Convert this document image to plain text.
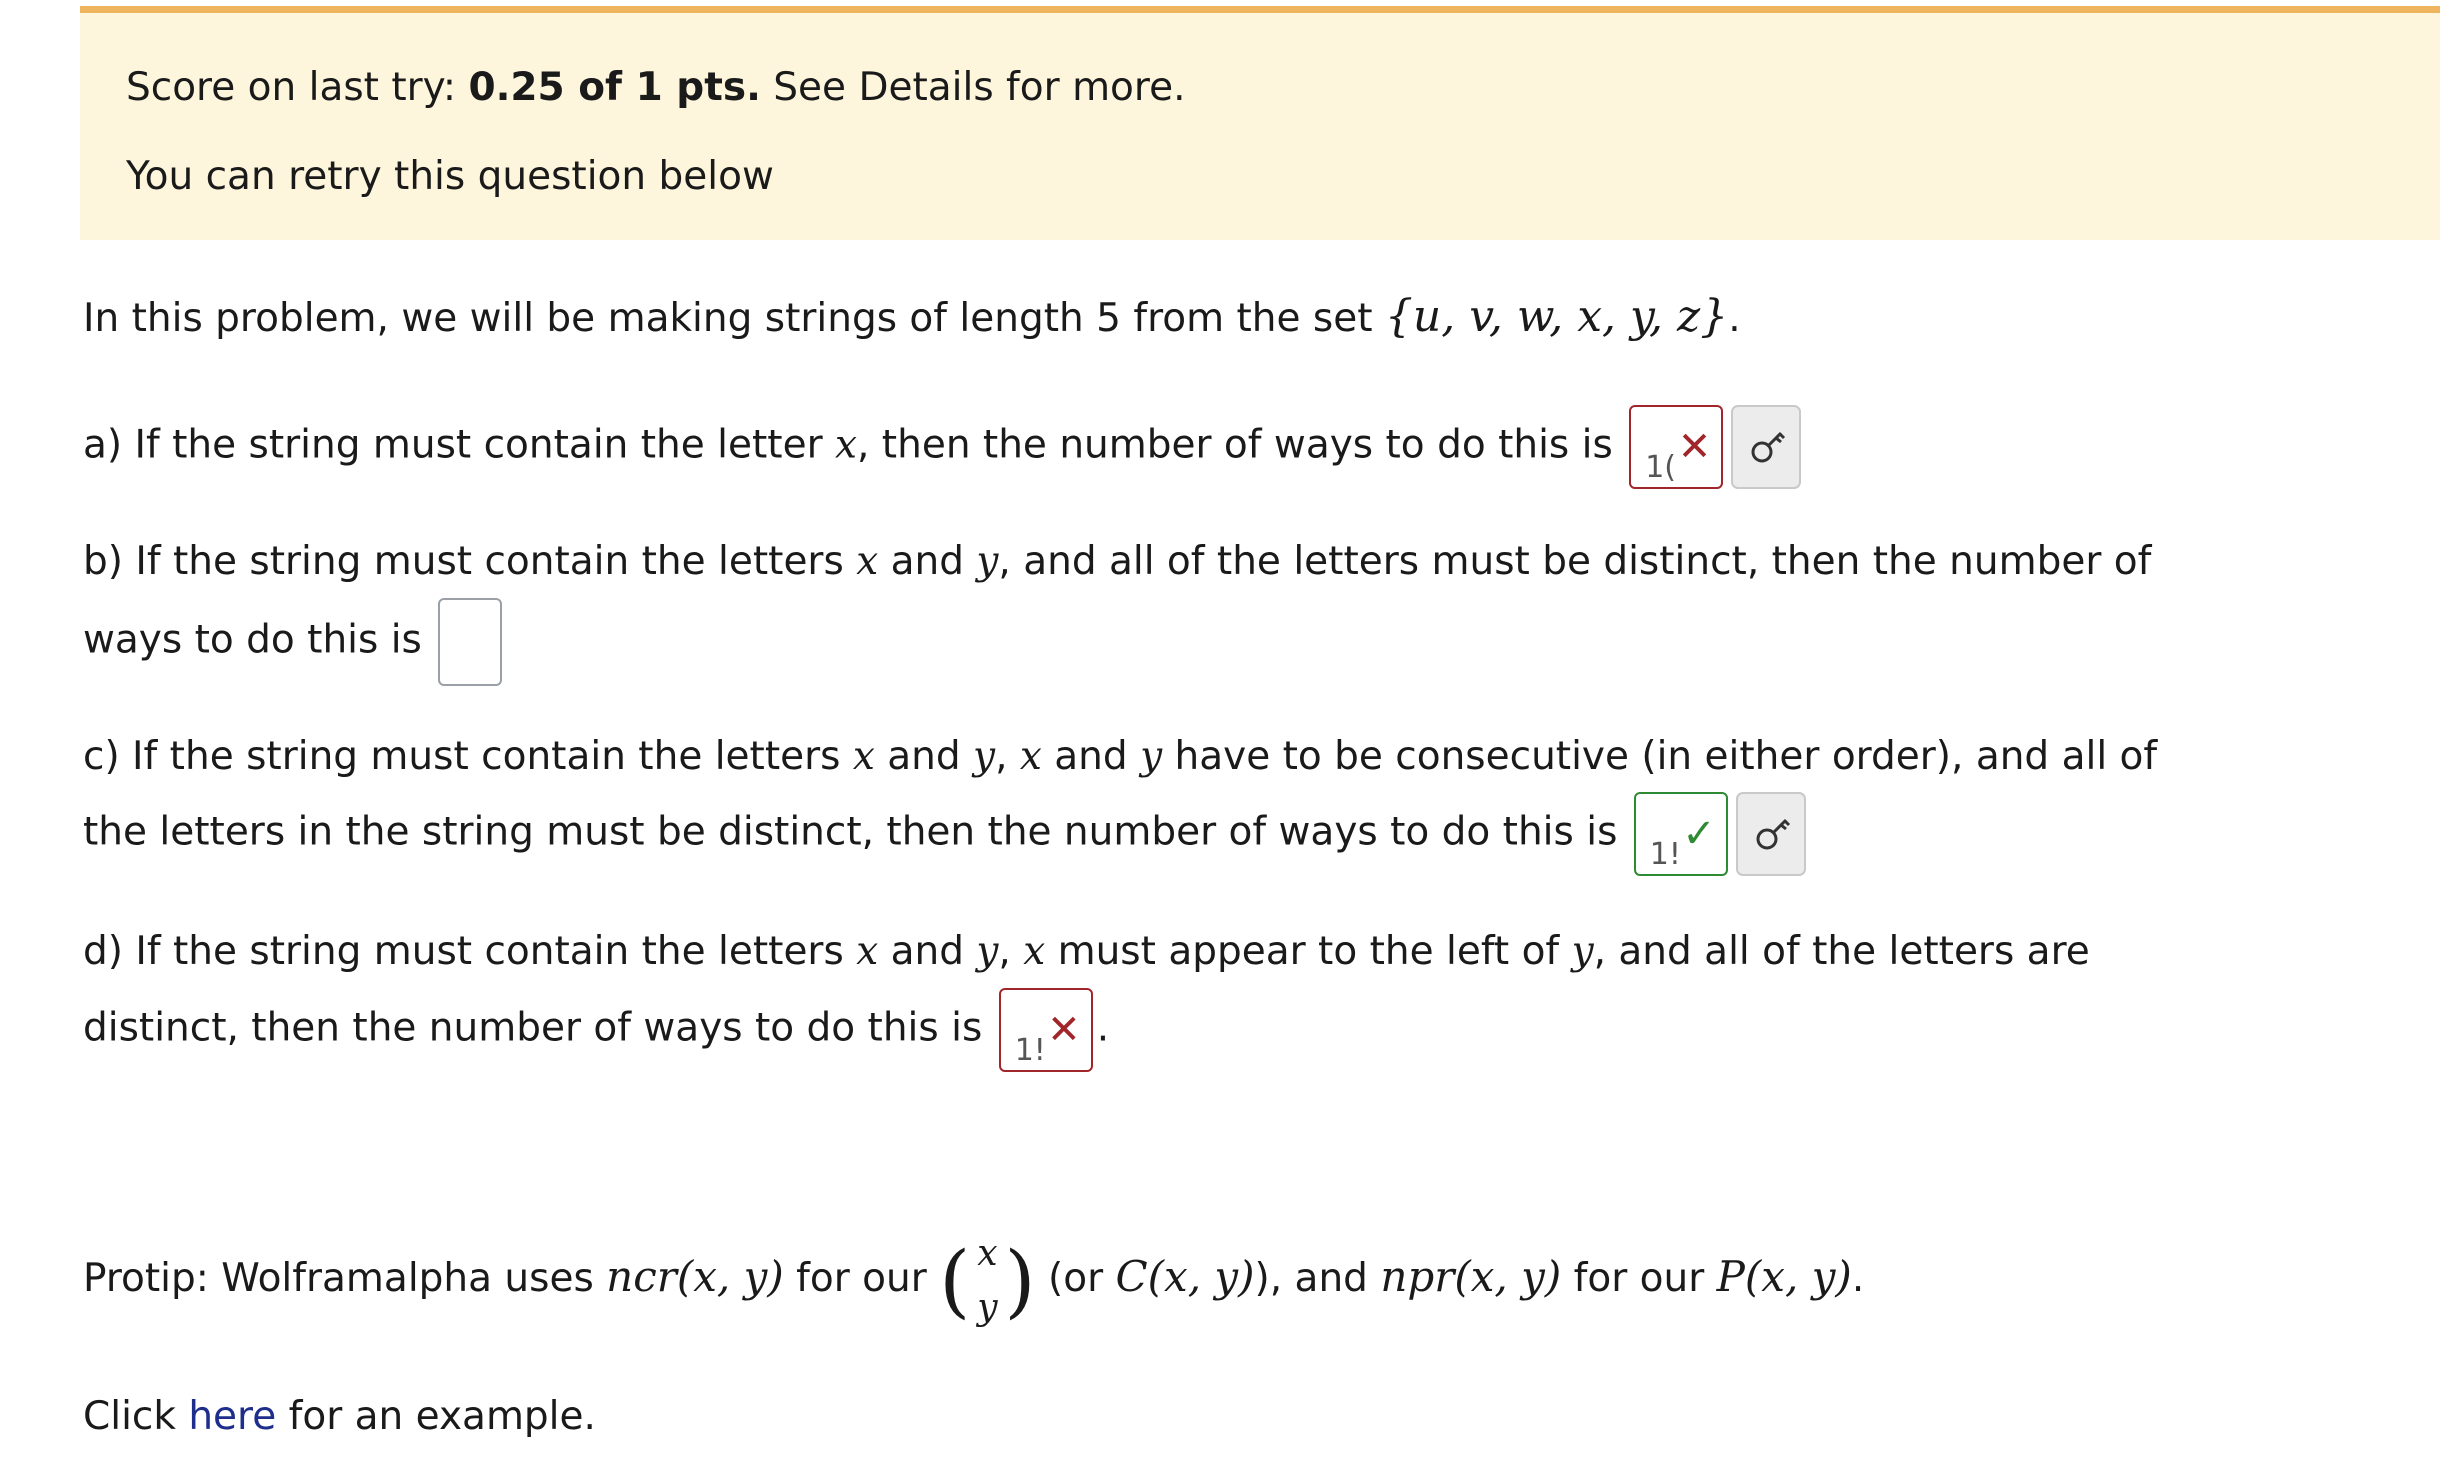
Score on last try: 0.25 of 1 pts. See Details for more.
You can retry this question below
In this problem, we will be making strings of length 5 from the set {u, v, w, x, y, z}.
a) If the string must contain the letter x, then the number of ways to do this is 1( ✕
b) If the string must contain the letters x and y, and all of the letters must be distinct, then the number of
ways to do this is
c) If the string must contain the letters x and y, x and y have to be consecutive (in either order), and all of
the letters in the string must be distinct, then the number of ways to do this is 1! ✓
d) If the string must contain the letters x and y, x must appear to the left of y, and all of the letters are
distinct, then the number of ways to do this is 1! ✕ .
Protip: Wolframalpha uses ncr(x, y) for our ( x
y) (or C(x, y)), and npr(x, y) for our P(x, y).
Click here for an example.
